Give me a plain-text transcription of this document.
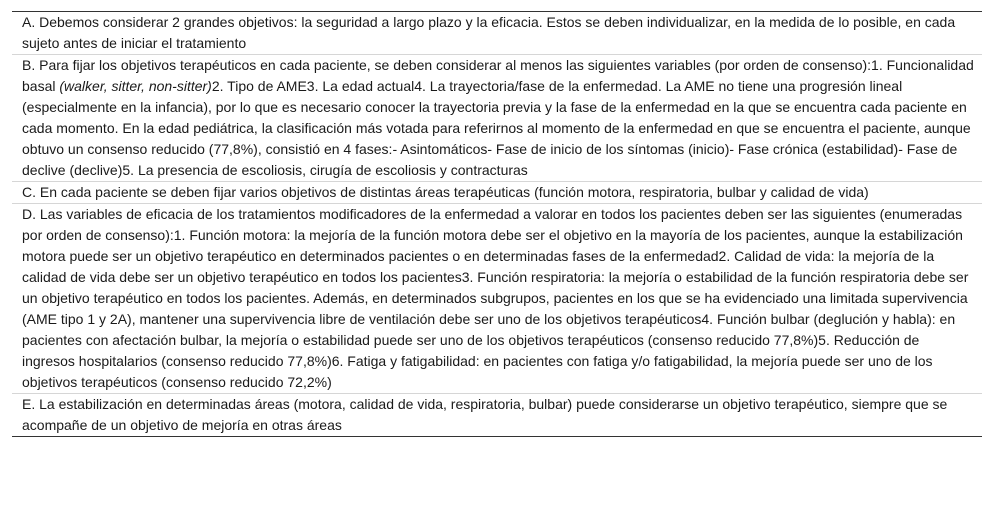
A. Debemos considerar 2 grandes objetivos: la seguridad a largo plazo y la eficacia. Estos se deben individualizar, en la medida de lo posible, en cada sujeto antes de iniciar el tratamiento
B. Para fijar los objetivos terapéuticos en cada paciente, se deben considerar al menos las siguientes variables (por orden de consenso):1. Funcionalidad basal (walker, sitter, non-sitter)2. Tipo de AME3. La edad actual4. La trayectoria/fase de la enfermedad. La AME no tiene una progresión lineal (especialmente en la infancia), por lo que es necesario conocer la trayectoria previa y la fase de la enfermedad en la que se encuentra cada paciente en cada momento. En la edad pediátrica, la clasificación más votada para referirnos al momento de la enfermedad en que se encuentra el paciente, aunque obtuvo un consenso reducido (77,8%), consistió en 4 fases:- Asintomáticos- Fase de inicio de los síntomas (inicio)- Fase crónica (estabilidad)- Fase de declive (declive)5. La presencia de escoliosis, cirugía de escoliosis y contracturas
C. En cada paciente se deben fijar varios objetivos de distintas áreas terapéuticas (función motora, respiratoria, bulbar y calidad de vida)
D. Las variables de eficacia de los tratamientos modificadores de la enfermedad a valorar en todos los pacientes deben ser las siguientes (enumeradas por orden de consenso):1. Función motora: la mejoría de la función motora debe ser el objetivo en la mayoría de los pacientes, aunque la estabilización motora puede ser un objetivo terapéutico en determinados pacientes o en determinadas fases de la enfermedad2. Calidad de vida: la mejoría de la calidad de vida debe ser un objetivo terapéutico en todos los pacientes3. Función respiratoria: la mejoría o estabilidad de la función respiratoria debe ser un objetivo terapéutico en todos los pacientes. Además, en determinados subgrupos, pacientes en los que se ha evidenciado una limitada supervivencia (AME tipo 1 y 2A), mantener una supervivencia libre de ventilación debe ser uno de los objetivos terapéuticos4. Función bulbar (deglución y habla): en pacientes con afectación bulbar, la mejoría o estabilidad puede ser uno de los objetivos terapéuticos (consenso reducido 77,8%)5. Reducción de ingresos hospitalarios (consenso reducido 77,8%)6. Fatiga y fatigabilidad: en pacientes con fatiga y/o fatigabilidad, la mejoría puede ser uno de los objetivos terapéuticos (consenso reducido 72,2%)
E. La estabilización en determinadas áreas (motora, calidad de vida, respiratoria, bulbar) puede considerarse un objetivo terapéutico, siempre que se acompañe de un objetivo de mejoría en otras áreas
